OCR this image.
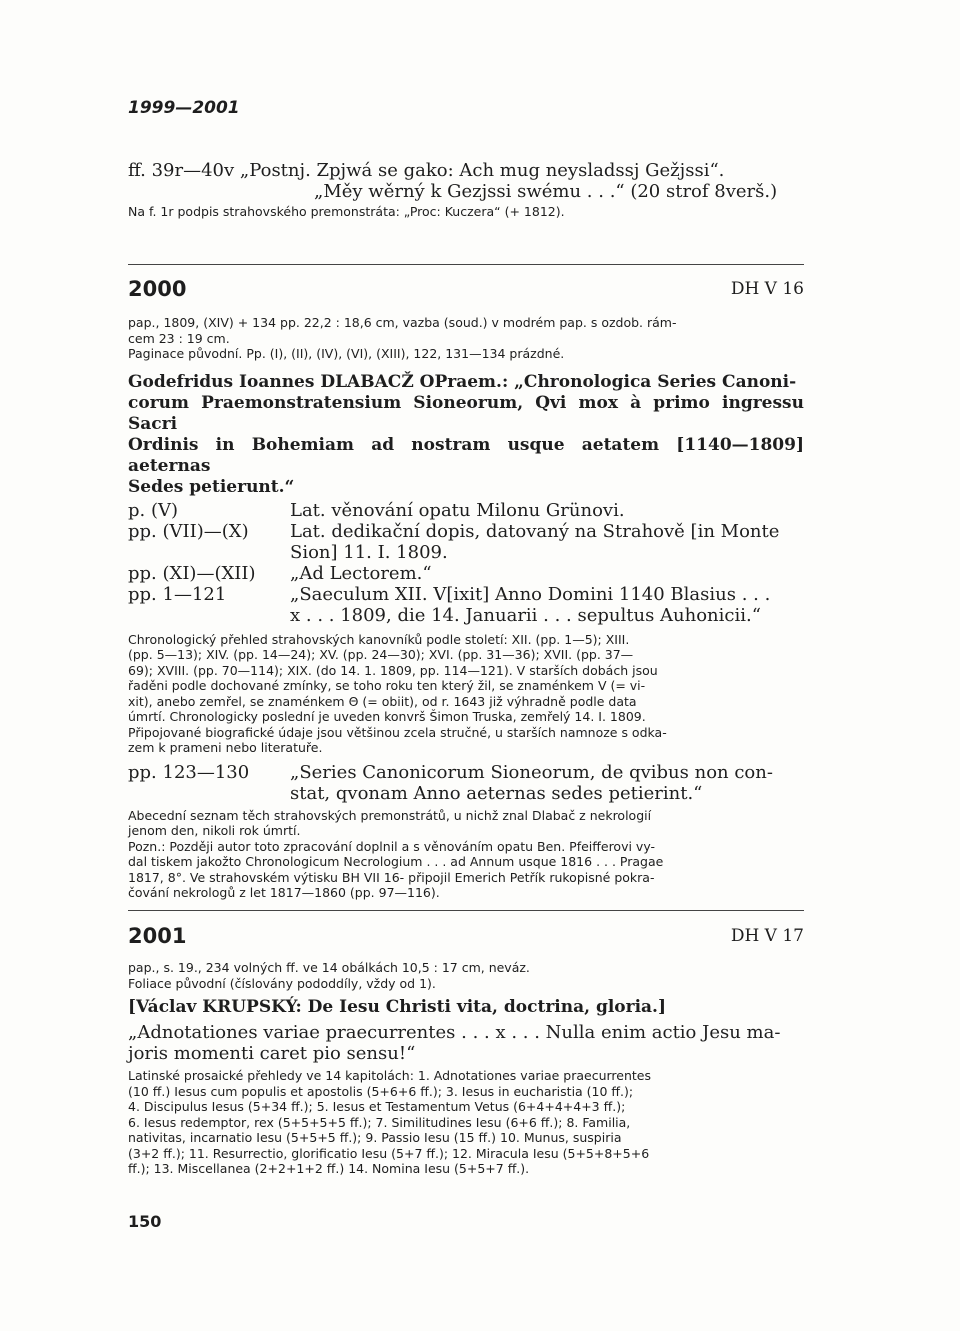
1999—2001

ff. 39r—40v „Postnj. Zpjwá se gako: Ach mug neysladssj Gežjssi“.

„Měy wěrný k Gezjssi swému . . .“ (20 strof 8verš.)

Na f. 1r podpis strahovského premonstráta: „Proc: Kuczera“ (+ 1812).

2000	DH V 16

pap., 1809, (XIV) + 134 pp. 22,2 : 18,6 cm, vazba (soud.) v modrém pap. s ozdob. rám-

cem 23 : 19 cm.

Paginace původní. Pp. (I), (II), (IV), (VI), (XIII), 122, 131—134 prázdné.

Godefridus Ioannes DLABACŽ OPraem.: „Chronologica Series Canoni-

corum Praemonstratensium Sioneorum, Qvi mox à primo ingressu Sacri

Ordinis in Bohemiam ad nostram usque aetatem [1140—1809] aeternas

Sedes petierunt.“

p. (V)	Lat. věnování opatu Milonu Grünovi.
pp. (VII)—(X)	Lat. dedikační dopis, datovaný na Strahově [in Monte
Sion] 11. I. 1809.
pp. (XI)—(XII)	„Ad Lectorem.“
pp. 1—121	„Saeculum XII. V[ixit] Anno Domini 1140 Blasius . . .
x . . . 1809, die 14. Januarii . . . sepultus Auhonicii.“

Chronologický přehled strahovských kanovníků podle století: XII. (pp. 1—5); XIII.

(pp. 5—13); XIV. (pp. 14—24); XV. (pp. 24—30); XVI. (pp. 31—36); XVII. (pp. 37—

69); XVIII. (pp. 70—114); XIX. (do 14. 1. 1809, pp. 114—121). V starších dobách jsou

řaděni podle dochované zmínky, se toho roku ten který žil, se znaménkem V (= vi-

xit), anebo zemřel, se znaménkem Θ (= obiit), od r. 1643 již výhradně podle data

úmrtí. Chronologicky poslední je uveden konvrš Šimon Truska, zemřelý 14. I. 1809.

Připojované biografické údaje jsou většinou zcela stručné, u starších namnoze s odka-

zem k prameni nebo literatuře.

pp. 123—130	„Series Canonicorum Sioneorum, de qvibus non con-
stat, qvonam Anno aeternas sedes petierint.“

Abecední seznam těch strahovských premonstrátů, u nichž znal Dlabač z nekrologií

jenom den, nikoli rok úmrtí.

Pozn.: Později autor toto zpracování doplnil a s věnováním opatu Ben. Pfeifferovi vy-

dal tiskem jakožto Chronologicum Necrologium . . . ad Annum usque 1816 . . . Pragae

1817, 8°. Ve strahovském výtisku BH VII 16- připojil Emerich Petřík rukopisné pokra-

čování nekrologů z let 1817—1860 (pp. 97—116).

2001	DH V 17

pap., s. 19., 234 volných ff. ve 14 obálkách 10,5 : 17 cm, neváz.

Foliace původní (číslovány pododdíly, vždy od 1).

[Václav KRUPSKÝ: De Iesu Christi vita, doctrina, gloria.]

„Adnotationes variae praecurrentes . . . x . . . Nulla enim actio Jesu ma-

joris momenti caret pio sensu!“

Latinské prosaické přehledy ve 14 kapitolách: 1. Adnotationes variae praecurrentes

(10 ff.) Iesus cum populis et apostolis (5+6+6 ff.); 3. Iesus in eucharistia (10 ff.);

4. Discipulus Iesus (5+34 ff.); 5. Iesus et Testamentum Vetus (6+4+4+4+3 ff.);

6. Iesus redemptor, rex (5+5+5+5 ff.); 7. Similitudines Iesu (6+6 ff.); 8. Familia,

nativitas, incarnatio Iesu (5+5+5 ff.); 9. Passio Iesu (15 ff.) 10. Munus, suspiria

(3+2 ff.); 11. Resurrectio, glorificatio Iesu (5+7 ff.); 12. Miracula Iesu (5+5+8+5+6

ff.); 13. Miscellanea (2+2+1+2 ff.) 14. Nomina Iesu (5+5+7 ff.).

150
